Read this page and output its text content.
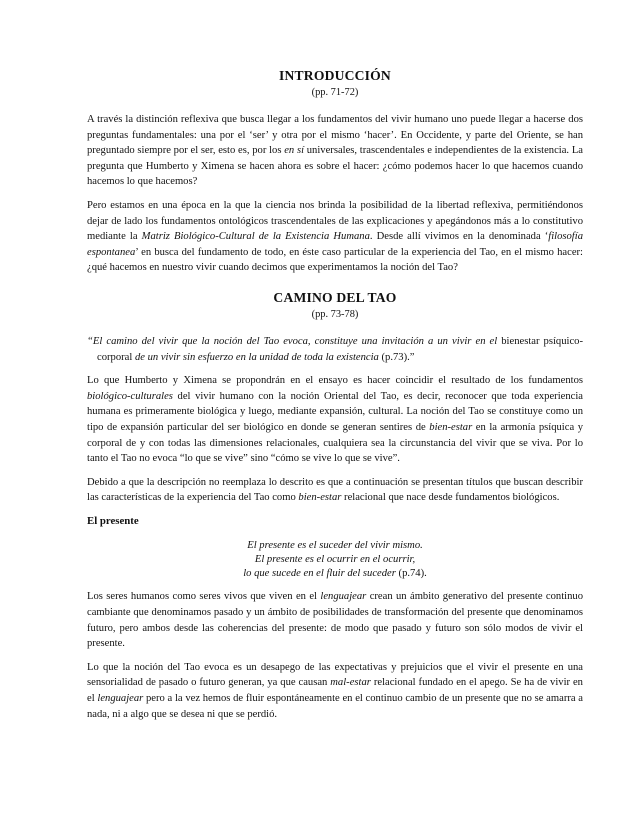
INTRODUCCIÓN
(pp. 71-72)

A través la distinción reflexiva que busca llegar a los fundamentos del vivir humano uno puede llegar a hacerse dos preguntas fundamentales: una por el ‘ser’ y otra por el mismo ‘hacer’. En Occidente, y parte del Oriente, se han preguntado siempre por el ser, esto es, por los en sí universales, trascendentales e independientes de la existencia. La pregunta que Humberto y Ximena se hacen ahora es sobre el hacer: ¿cómo podemos hacer lo que hacemos cuando hacemos lo que hacemos?

Pero estamos en una época en la que la ciencia nos brinda la posibilidad de la libertad reflexiva, permitiéndonos dejar de lado los fundamentos ontológicos trascendentales de las explicaciones y apegándonos más a lo constitutivo mediante la Matriz Biológico-Cultural de la Existencia Humana. Desde allí vivimos en la denominada ‘filosofía espontanea’ en busca del fundamento de todo, en éste caso particular de la experiencia del Tao, en el mismo hacer: ¿qué hacemos en nuestro vivir cuando decimos que experimentamos la noción del Tao?

CAMINO DEL TAO
(pp. 73-78)

“El camino del vivir que la noción del Tao evoca, constituye una invitación a un vivir en el bienestar psíquico-corporal de un vivir sin esfuerzo en la unidad de toda la existencia (p.73).”

Lo que Humberto y Ximena se propondrán en el ensayo es hacer coincidir el resultado de los fundamentos biológico-culturales del vivir humano con la noción Oriental del Tao, es decir, reconocer que toda experiencia humana es primeramente biológica y luego, mediante expansión, cultural. La noción del Tao se constituye como un tipo de expansión particular del ser biológico en donde se generan sentires de bien-estar en la armonía psíquica y corporal de y con todas las dimensiones relacionales, cualquiera sea la circunstancia del vivir que se viva. Por lo tanto el Tao no evoca “lo que se vive” sino “cómo se vive lo que se vive”.

Debido a que la descripción no reemplaza lo descrito es que a continuación se presentan títulos que buscan describir las características de la experiencia del Tao como bien-estar relacional que nace desde fundamentos biológicos.

El presente
El presente es el suceder del vivir mismo.
El presente es el ocurrir en el ocurrir,
lo que sucede en el fluir del suceder (p.74).

Los seres humanos como seres vivos que viven en el lenguajear crean un ámbito generativo del presente continuo cambiante que denominamos pasado y un ámbito de posibilidades de transformación del presente que denominamos futuro, pero ambos desde las coherencias del presente: de modo que pasado y futuro son sólo modos de vivir el presente.

Lo que la noción del Tao evoca es un desapego de las expectativas y prejuicios que el vivir el presente en una sensorialidad de pasado o futuro generan, ya que causan mal-estar relacional fundado en el apego. Se ha de vivir en el lenguajear pero a la vez hemos de fluir espontáneamente en el continuo cambio de un presente que no se amarra a nada, ni a algo que se desea ni que se perdió.
